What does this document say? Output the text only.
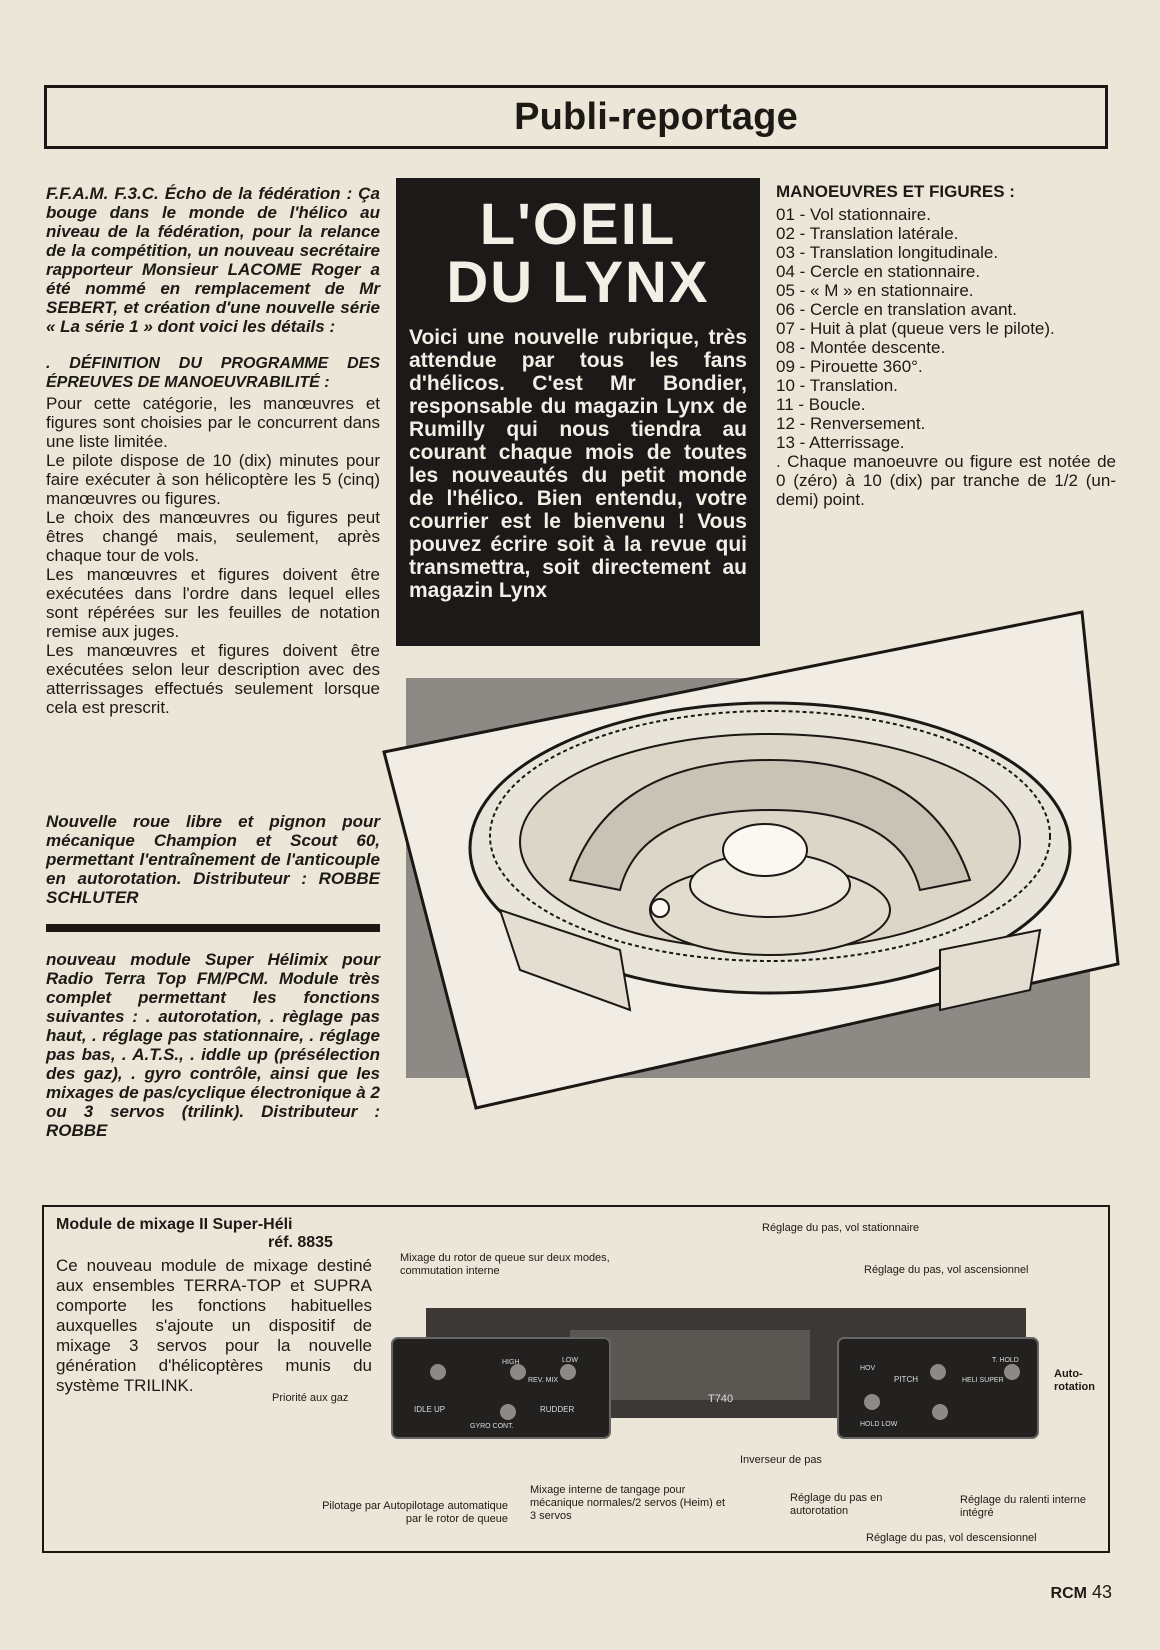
Publi-reportage

F.F.A.M. F.3.C. Écho de la fédération : Ça bouge dans le monde de l'hélico au niveau de la fédération, pour la relance de la compétition, un nouveau secrétaire rapporteur Monsieur LACOME Roger a été nommé en remplacement de Mr SEBERT, et création d'une nouvelle série « La série 1 » dont voici les détails :

. DÉFINITION DU PROGRAMME DES ÉPREUVES DE MANOEUVRABILITÉ :

Pour cette catégorie, les manœuvres et figures sont choisies par le concurrent dans une liste limitée.

Le pilote dispose de 10 (dix) minutes pour faire exécuter à son hélicoptère les 5 (cinq) manœuvres ou figures.

Le choix des manœuvres ou figures peut êtres changé mais, seulement, après chaque tour de vols.

Les manœuvres et figures doivent être exécutées dans l'ordre dans lequel elles sont répérées sur les feuilles de notation remise aux juges.

Les manœuvres et figures doivent être exécutées selon leur description avec des atterrissages effectués seulement lorsque cela est prescrit.

Nouvelle roue libre et pignon pour mécanique Champion et Scout 60, permettant l'entraînement de l'anticouple en autorotation. Distributeur : ROBBE SCHLUTER

nouveau module Super Hélimix pour Radio Terra Top FM/PCM. Module très complet permettant les fonctions suivantes : . autorotation, . règlage pas haut, . réglage pas stationnaire, . réglage pas bas, . A.T.S., . iddle up (présélection des gaz), . gyro contrôle, ainsi que les mixages de pas/cyclique électronique à 2 ou 3 servos (trilink). Distributeur : ROBBE

L'OEIL
DU LYNX
Voici une nouvelle rubrique, très attendue par tous les fans d'hélicos. C'est Mr Bondier, responsable du magazin Lynx de Rumilly qui nous tiendra au courant chaque mois de toutes les nouveautés du petit monde de l'hélico. Bien entendu, votre courrier est le bienvenu ! Vous pouvez écrire soit à la revue qui transmettra, soit directement au magazin Lynx
MANOEUVRES ET FIGURES :
01 - Vol stationnaire.
02 - Translation latérale.
03 - Translation longitudinale.
04 - Cercle en stationnaire.
05 - « M » en stationnaire.
06 - Cercle en translation avant.
07 - Huit à plat (queue vers le pilote).
08 - Montée descente.
09 - Pirouette 360°.
10 - Translation.
11 - Boucle.
12 - Renversement.
13 - Atterrissage.
. Chaque manoeuvre ou figure est notée de 0 (zéro) à 10 (dix) par tranche de 1/2 (un-demi) point.
Module de mixage II Super-Héli
réf. 8835
Ce nouveau module de mixage destiné aux ensembles TERRA-TOP et SUPRA comporte les fonctions habituelles auxquelles s'ajoute un dispositif de mixage 3 servos pour la nouvelle génération d'hélicoptères munis du système TRILINK.
IDLE UP
HIGH
REV. MIX
LOW
RUDDER
GYRO CONT.
T740
HOV
PITCH
HOLD LOW
HELI SUPER
T. HOLD
Mixage du rotor de queue sur deux modes, commutation interne
Réglage du pas, vol stationnaire
Réglage du pas, vol ascensionnel
Priorité aux gaz
Auto-rotation
Inverseur de pas
Pilotage par Autopilotage automatique par le rotor de queue
Mixage interne de tangage pour mécanique normales/2 servos (Heim) et 3 servos
Réglage du pas en autorotation
Réglage du ralenti interne intégré
Réglage du pas, vol descensionnel
RCM 43
